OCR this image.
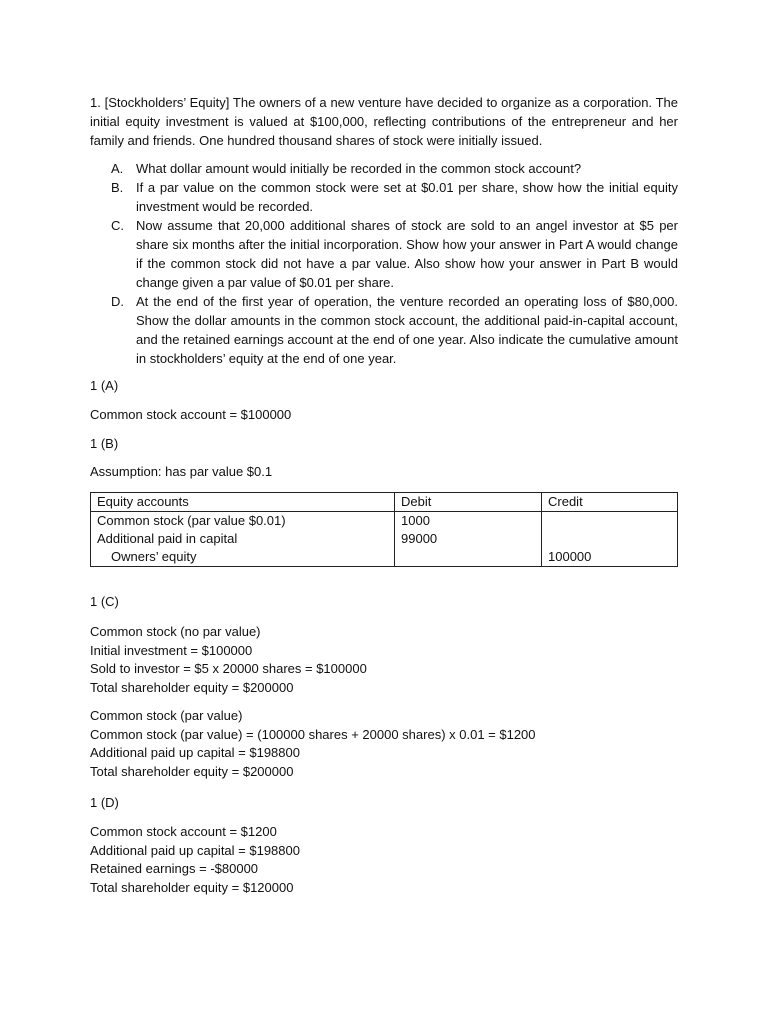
1. [Stockholders’ Equity] The owners of a new venture have decided to organize as a corporation. The initial equity investment is valued at $100,000, reflecting contributions of the entrepreneur and her family and friends. One hundred thousand shares of stock were initially issued.

A. What dollar amount would initially be recorded in the common stock account?
B. If a par value on the common stock were set at $0.01 per share, show how the initial equity investment would be recorded.
C. Now assume that 20,000 additional shares of stock are sold to an angel investor at $5 per share six months after the initial incorporation. Show how your answer in Part A would change if the common stock did not have a par value. Also show how your answer in Part B would change given a par value of $0.01 per share.
D. At the end of the first year of operation, the venture recorded an operating loss of $80,000. Show the dollar amounts in the common stock account, the additional paid-in-capital account, and the retained earnings account at the end of one year. Also indicate the cumulative amount in stockholders’ equity at the end of one year.

1 (A)

Common stock account = $100000

1 (B)

Assumption: has par value $0.1

Equity accounts	Debit	Credit
Common stock (par value $0.01)	1000	
Additional paid in capital	99000	
Owners’ equity		100000

1 (C)

Common stock (no par value)
Initial investment = $100000
Sold to investor = $5 x 20000 shares = $100000
Total shareholder equity = $200000
Common stock (par value)
Common stock (par value) = (100000 shares + 20000 shares) x 0.01 = $1200
Additional paid up capital = $198800
Total shareholder equity = $200000

1 (D)

Common stock account = $1200
Additional paid up capital = $198800
Retained earnings = -$80000
Total shareholder equity = $120000
